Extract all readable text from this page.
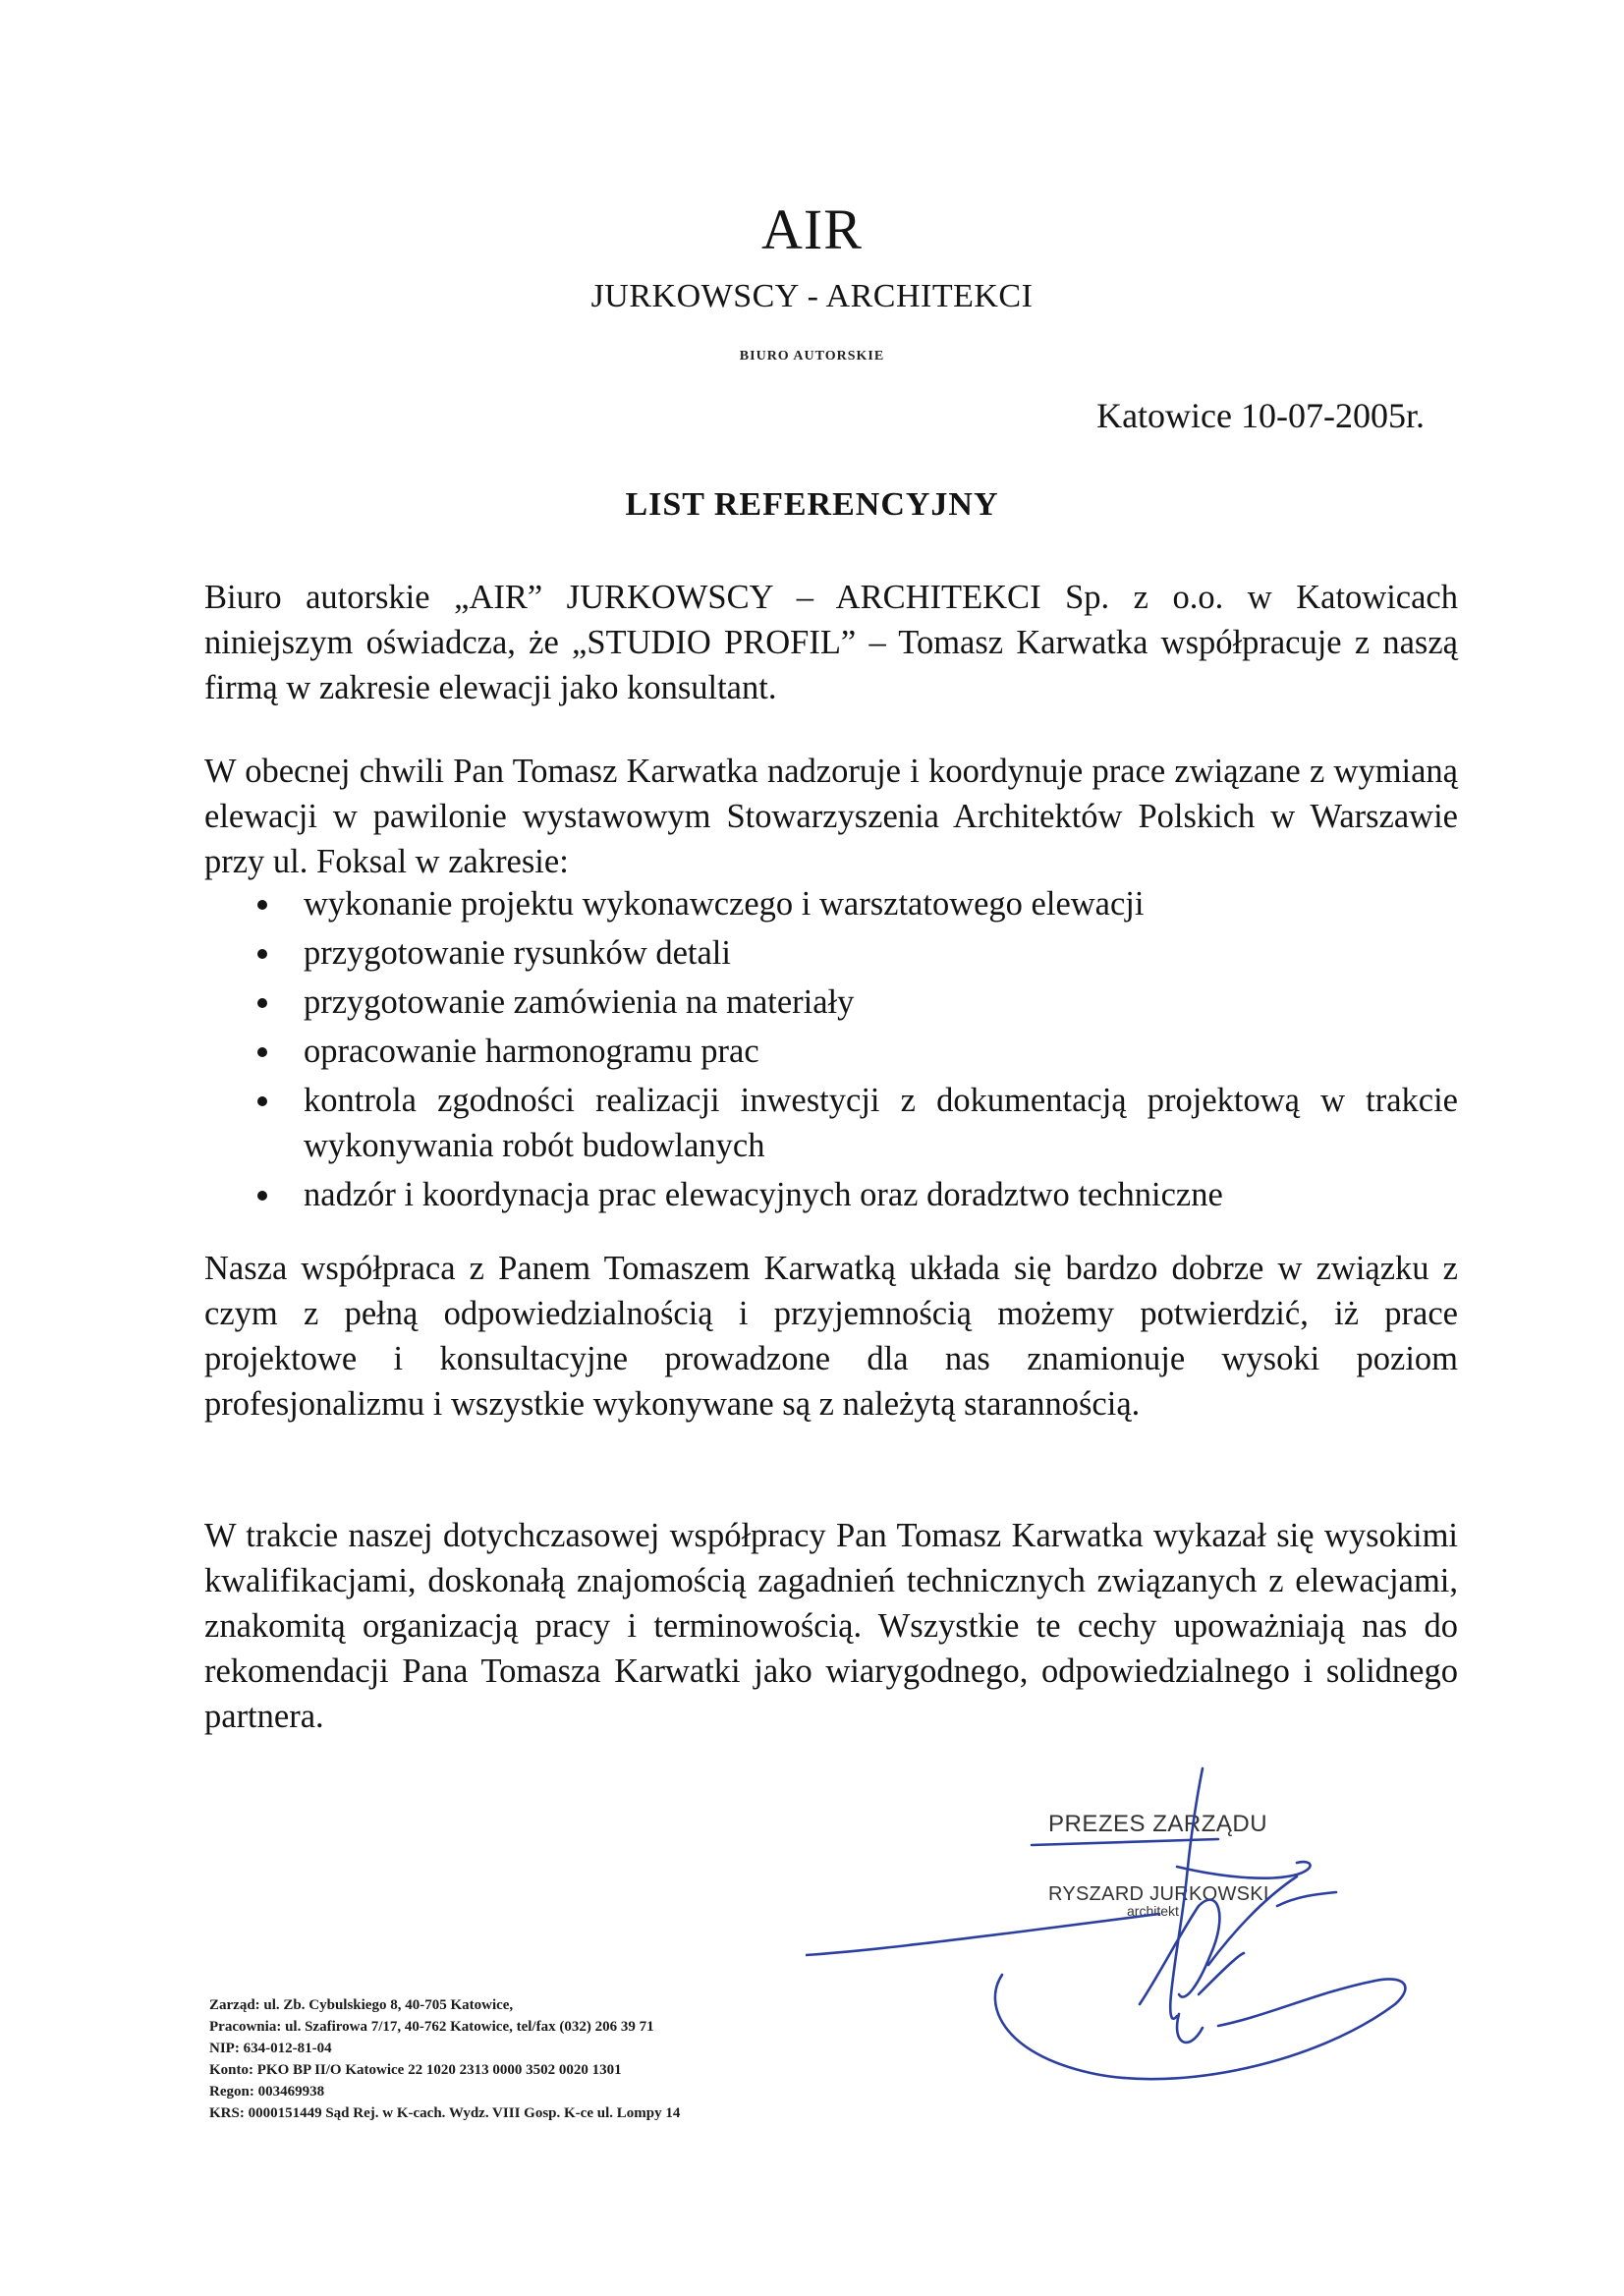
AIR
JURKOWSCY - ARCHITEKCI
BIURO AUTORSKIE
Katowice 10-07-2005r.
LIST REFERENCYJNY
Biuro autorskie „AIR” JURKOWSCY – ARCHITEKCI Sp. z o.o. w Katowicach niniejszym oświadcza, że „STUDIO PROFIL” – Tomasz Karwatka współpracuje z naszą firmą w zakresie elewacji jako konsultant.
W obecnej chwili Pan Tomasz Karwatka nadzoruje i koordynuje prace związane z wymianą elewacji w pawilonie wystawowym Stowarzyszenia Architektów Polskich w Warszawie przy ul. Foksal w zakresie:
wykonanie projektu wykonawczego i warsztatowego elewacji
przygotowanie rysunków detali
przygotowanie zamówienia na materiały
opracowanie harmonogramu prac
kontrola zgodności realizacji inwestycji z dokumentacją projektową w trakcie wykonywania robót budowlanych
nadzór i koordynacja prac elewacyjnych oraz doradztwo techniczne
Nasza współpraca z Panem Tomaszem Karwatką układa się bardzo dobrze w związku z czym z pełną odpowiedzialnością i przyjemnością możemy potwierdzić, iż prace projektowe i konsultacyjne prowadzone dla nas znamionuje wysoki poziom profesjonalizmu i wszystkie wykonywane są z należytą starannością.
W trakcie naszej dotychczasowej współpracy Pan Tomasz Karwatka wykazał się wysokimi kwalifikacjami, doskonałą znajomością zagadnień technicznych związanych z elewacjami, znakomitą organizacją pracy i terminowością. Wszystkie te cechy upoważniają nas do rekomendacji Pana Tomasza Karwatki jako wiarygodnego, odpowiedzialnego i solidnego partnera.
PREZES ZARZĄDU
RYSZARD JURKOWSKI
architekt
Zarząd: ul. Zb. Cybulskiego 8, 40-705 Katowice,
Pracownia: ul. Szafirowa 7/17, 40-762 Katowice, tel/fax (032) 206 39 71
NIP: 634-012-81-04
Konto: PKO BP II/O Katowice 22 1020 2313 0000 3502 0020 1301
Regon: 003469938
KRS: 0000151449 Sąd Rej. w K-cach. Wydz. VIII Gosp. K-ce ul. Lompy 14
